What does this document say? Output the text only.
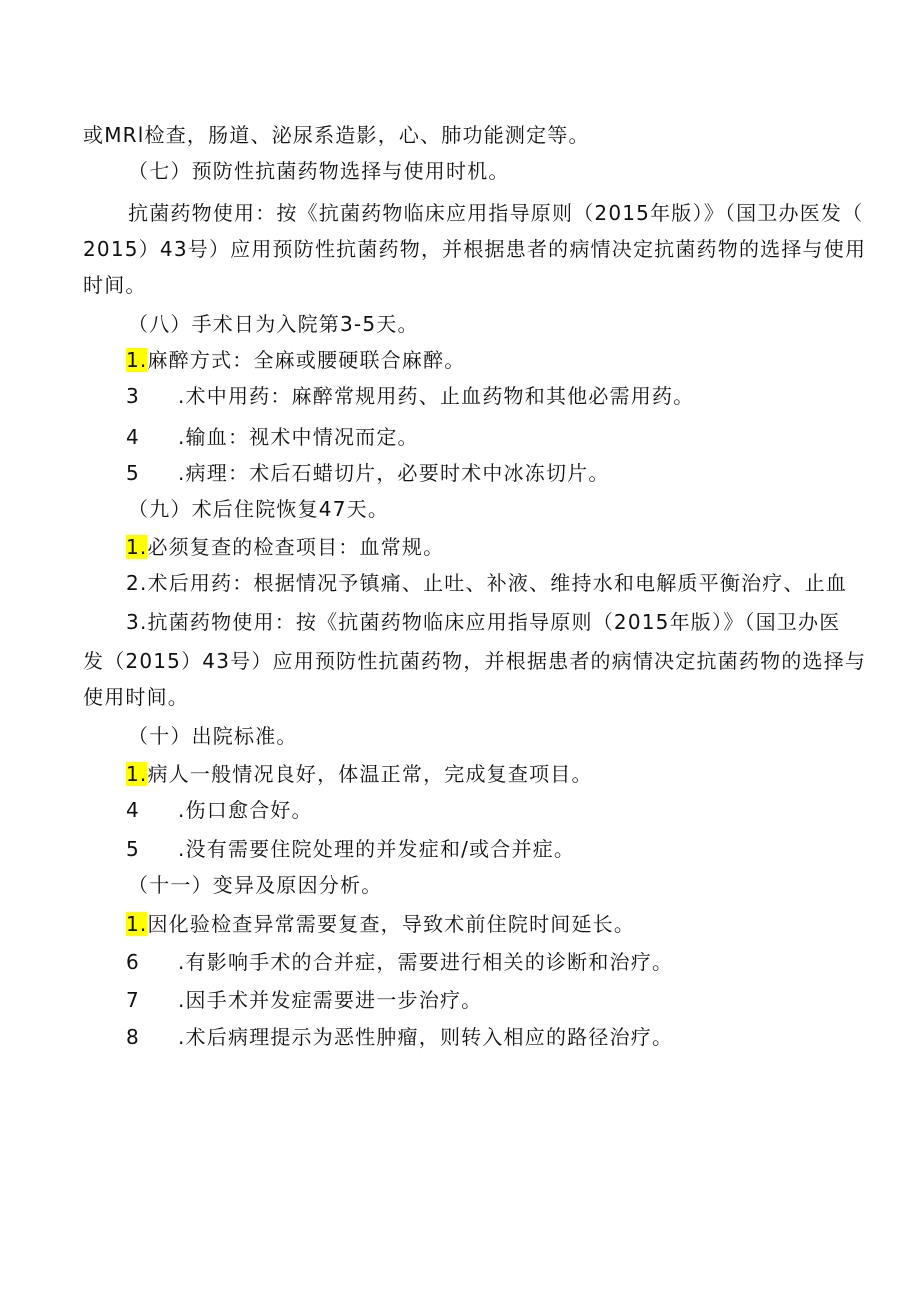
或MRl检查，肠道、泌尿系造影，心、肺功能测定等。
（七）预防性抗菌药物选择与使用时机。
抗菌药物使用：按《抗菌药物临床应用指导原则（2015年版）》（国卫办医发（
2015）43号）应用预防性抗菌药物，并根据患者的病情决定抗菌药物的选择与使用
时间。
（八）手术日为入院第3-5天。
1.麻醉方式：全麻或腰硬联合麻醉。
3 .术中用药：麻醉常规用药、止血药物和其他必需用药。
4 .输血：视术中情况而定。
5 .病理：术后石蜡切片，必要时术中冰冻切片。
（九）术后住院恢复47天。
1.必须复查的检查项目：血常规。
2.术后用药：根据情况予镇痛、止吐、补液、维持水和电解质平衡治疗、止血
3.抗菌药物使用：按《抗菌药物临床应用指导原则（2015年版）》（国卫办医
发（2015）43号）应用预防性抗菌药物，并根据患者的病情决定抗菌药物的选择与
使用时间。
（十）出院标准。
1.病人一般情况良好，体温正常，完成复查项目。
4 .伤口愈合好。
5 .没有需要住院处理的并发症和/或合并症。
（十一）变异及原因分析。
1.因化验检查异常需要复查，导致术前住院时间延长。
6 .有影响手术的合并症，需要进行相关的诊断和治疗。
7 .因手术并发症需要进一步治疗。
8 .术后病理提示为恶性肿瘤，则转入相应的路径治疗。
